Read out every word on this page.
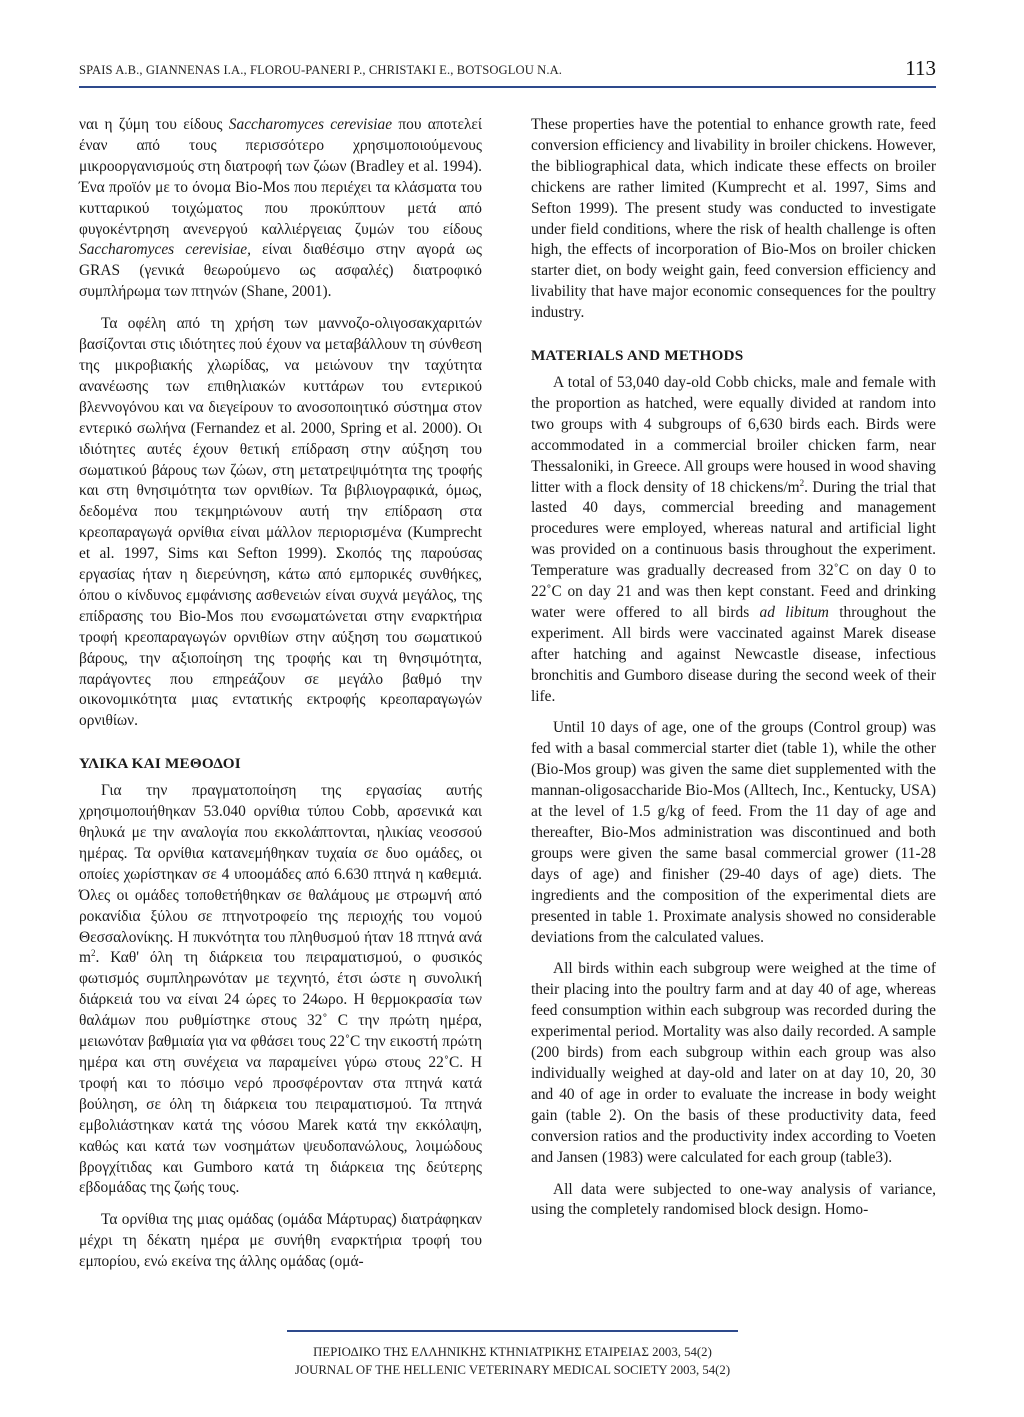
SPAIS A.B., GIANNENAS I.A., FLOROU-PANERI P., CHRISTAKI E., BOTSOGLOU N.A.	113

ναι η ζύμη του είδους Saccharomyces cerevisiae που αποτελεί έναν από τους περισσότερο χρησιμοποιούμενους μικροοργανισμούς στη διατροφή των ζώων (Bradley et al. 1994). Ένα προϊόν με το όνομα Bio-Mos που περιέχει τα κλάσματα του κυτταρικού τοιχώματος που προκύπτουν μετά από φυγοκέντρηση ανενεργού καλλιέργειας ζυμών του είδους Saccharomyces cerevisiae, είναι διαθέσιμο στην αγορά ως GRAS (γενικά θεωρούμενο ως ασφαλές) διατροφικό συμπλήρωμα των πτηνών (Shane, 2001).

Τα οφέλη από τη χρήση των μαννοζο-ολιγοσακχαριτών βασίζονται στις ιδιότητες πού έχουν να μεταβάλλουν τη σύνθεση της μικροβιακής χλωρίδας, να μειώνουν την ταχύτητα ανανέωσης των επιθηλιακών κυττάρων του εντερικού βλεννογόνου και να διεγείρουν το ανοσοποιητικό σύστημα στον εντερικό σωλήνα (Fernandez et al. 2000, Spring et al. 2000). Οι ιδιότητες αυτές έχουν θετική επίδραση στην αύξηση του σωματικού βάρους των ζώων, στη μετατρεψιμότητα της τροφής και στη θνησιμότητα των ορνιθίων. Τα βιβλιογραφικά, όμως, δεδομένα που τεκμηριώνουν αυτή την επίδραση στα κρεοπαραγωγά ορνίθια είναι μάλλον περιορισμένα (Kumprecht et al. 1997, Sims και Sefton 1999). Σκοπός της παρούσας εργασίας ήταν η διερεύνηση, κάτω από εμπορικές συνθήκες, όπου ο κίνδυνος εμφάνισης ασθενειών είναι συχνά μεγάλος, της επίδρασης του Bio-Mos που ενσωματώνεται στην εναρκτήρια τροφή κρεοπαραγωγών ορνιθίων στην αύξηση του σωματικού βάρους, την αξιοποίηση της τροφής και τη θνησιμότητα, παράγοντες που επηρεάζουν σε μεγάλο βαθμό την οικονομικότητα μιας εντατικής εκτροφής κρεοπαραγωγών ορνιθίων.

ΥΛΙΚΑ ΚΑΙ ΜΕΘΟΔΟΙ

Για την πραγματοποίηση της εργασίας αυτής χρησιμοποιήθηκαν 53.040 ορνίθια τύπου Cobb, αρσενικά και θηλυκά με την αναλογία που εκκολάπτονται, ηλικίας νεοσσού ημέρας. Τα ορνίθια κατανεμήθηκαν τυχαία σε δυο ομάδες, οι οποίες χωρίστηκαν σε 4 υποομάδες από 6.630 πτηνά η καθεμιά. Όλες οι ομάδες τοποθετήθηκαν σε θαλάμους με στρωμνή από ροκανίδια ξύλου σε πτηνοτροφείο της περιοχής του νομού Θεσσαλονίκης. Η πυκνότητα του πληθυσμού ήταν 18 πτηνά ανά $m^2$. Καθ' όλη τη διάρκεια του πειραματισμού, ο φυσικός φωτισμός συμπληρωνόταν με τεχνητό, έτσι ώστε η συνολική διάρκειά του να είναι 24 ώρες το 24ωρο. Η θερμοκρασία των θαλάμων που ρυθμίστηκε στους 32˚ C την πρώτη ημέρα, μειωνόταν βαθμιαία για να φθάσει τους 22˚C την εικοστή πρώτη ημέρα και στη συνέχεια να παραμείνει γύρω στους 22˚C. Η τροφή και το πόσιμο νερό προσφέρονταν στα πτηνά κατά βούληση, σε όλη τη διάρκεια του πειραματισμού. Τα πτηνά εμβολιάστηκαν κατά της νόσου Marek κατά την εκκόλαψη, καθώς και κατά των νοσημάτων ψευδοπανώλους, λοιμώδους βρογχίτιδας και Gumboro κατά τη διάρκεια της δεύτερης εβδομάδας της ζωής τους.

Τα ορνίθια της μιας ομάδας (ομάδα Μάρτυρας) διατράφηκαν μέχρι τη δέκατη ημέρα με συνήθη εναρκτήρια τροφή του εμπορίου, ενώ εκείνα της άλλης ομάδας (ομά-

These properties have the potential to enhance growth rate, feed conversion efficiency and livability in broiler chickens. However, the bibliographical data, which indicate these effects on broiler chickens are rather limited (Kumprecht et al. 1997, Sims and Sefton 1999). The present study was conducted to investigate under field conditions, where the risk of health challenge is often high, the effects of incorporation of Bio-Mos on broiler chicken starter diet, on body weight gain, feed conversion efficiency and livability that have major economic consequences for the poultry industry.

MATERIALS AND METHODS

A total of 53,040 day-old Cobb chicks, male and female with the proportion as hatched, were equally divided at random into two groups with 4 subgroups of 6,630 birds each. Birds were accommodated in a commercial broiler chicken farm, near Thessaloniki, in Greece. All groups were housed in wood shaving litter with a flock density of 18 chickens/$m^2$. During the trial that lasted 40 days, commercial breeding and management procedures were employed, whereas natural and artificial light was provided on a continuous basis throughout the experiment. Temperature was gradually decreased from 32˚C on day 0 to 22˚C on day 21 and was then kept constant. Feed and drinking water were offered to all birds ad libitum throughout the experiment. All birds were vaccinated against Marek disease after hatching and against Newcastle disease, infectious bronchitis and Gumboro disease during the second week of their life.

Until 10 days of age, one of the groups (Control group) was fed with a basal commercial starter diet (table 1), while the other (Bio-Mos group) was given the same diet supplemented with the mannan-oligosaccharide Bio-Mos (Alltech, Inc., Kentucky, USA) at the level of 1.5 g/kg of feed. From the 11 day of age and thereafter, Bio-Mos administration was discontinued and both groups were given the same basal commercial grower (11-28 days of age) and finisher (29-40 days of age) diets. The ingredients and the composition of the experimental diets are presented in table 1. Proximate analysis showed no considerable deviations from the calculated values.

All birds within each subgroup were weighed at the time of their placing into the poultry farm and at day 40 of age, whereas feed consumption within each subgroup was recorded during the experimental period. Mortality was also daily recorded. A sample (200 birds) from each subgroup within each group was also individually weighed at day-old and later on at day 10, 20, 30 and 40 of age in order to evaluate the increase in body weight gain (table 2). On the basis of these productivity data, feed conversion ratios and the productivity index according to Voeten and Jansen (1983) were calculated for each group (table3).

All data were subjected to one-way analysis of variance, using the completely randomised block design. Homo-

ΠΕΡΙΟΔΙΚΟ ΤΗΣ ΕΛΛΗΝΙΚΗΣ ΚΤΗΝΙΑΤΡΙΚΗΣ ΕΤΑΙΡΕΙΑΣ 2003, 54(2)
JOURNAL OF THE HELLENIC VETERINARY MEDICAL SOCIETY 2003, 54(2)
